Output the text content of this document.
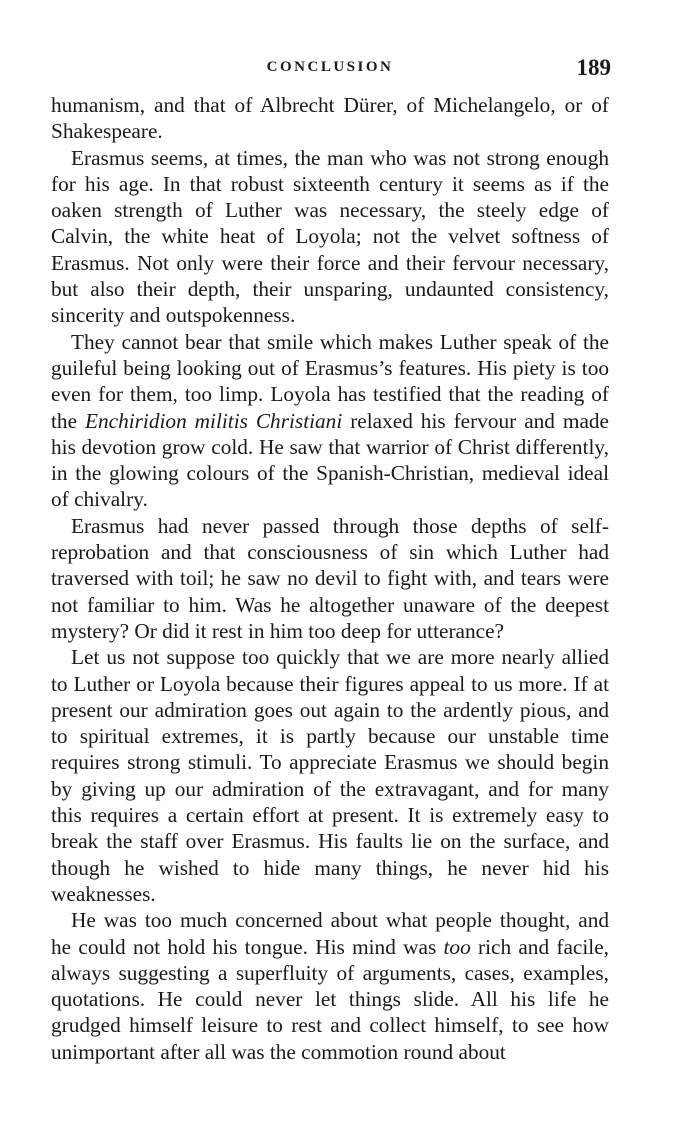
CONCLUSION	189

humanism, and that of Albrecht Dürer, of Michelangelo, or of Shakespeare.

Erasmus seems, at times, the man who was not strong enough for his age. In that robust sixteenth century it seems as if the oaken strength of Luther was necessary, the steely edge of Calvin, the white heat of Loyola; not the velvet softness of Erasmus. Not only were their force and their fervour necessary, but also their depth, their unsparing, undaunted consistency, sincerity and outspokenness.

They cannot bear that smile which makes Luther speak of the guileful being looking out of Erasmus’s features. His piety is too even for them, too limp. Loyola has testified that the reading of the Enchiridion militis Christiani relaxed his fervour and made his devotion grow cold. He saw that warrior of Christ differently, in the glowing colours of the Spanish-Christian, medieval ideal of chivalry.

Erasmus had never passed through those depths of self-reprobation and that consciousness of sin which Luther had traversed with toil; he saw no devil to fight with, and tears were not familiar to him. Was he altogether unaware of the deepest mystery? Or did it rest in him too deep for utterance?

Let us not suppose too quickly that we are more nearly allied to Luther or Loyola because their figures appeal to us more. If at present our admiration goes out again to the ardently pious, and to spiritual extremes, it is partly because our unstable time requires strong stimuli. To appreciate Erasmus we should begin by giving up our admiration of the extravagant, and for many this requires a certain effort at present. It is extremely easy to break the staff over Erasmus. His faults lie on the surface, and though he wished to hide many things, he never hid his weaknesses.

He was too much concerned about what people thought, and he could not hold his tongue. His mind was too rich and facile, always suggesting a superfluity of arguments, cases, examples, quotations. He could never let things slide. All his life he grudged himself leisure to rest and collect himself, to see how unimportant after all was the commotion round about
